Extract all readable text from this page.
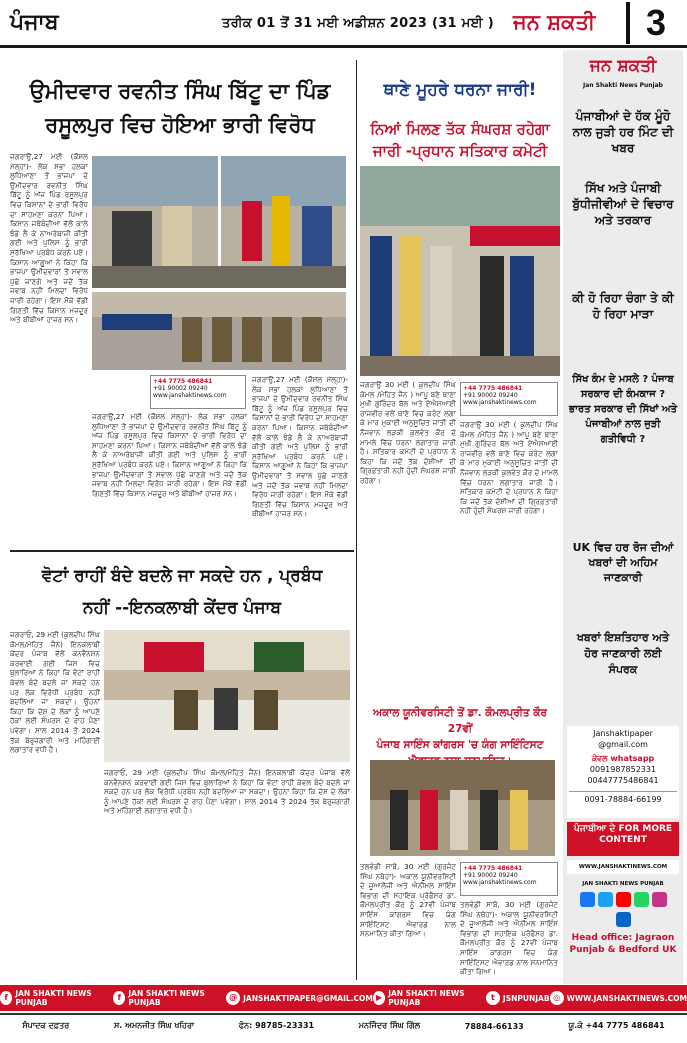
ਪੰਜਾਬ	ਤਰੀਕ 01 ਤੋਂ 31 ਮਈ ਅਡੀਸ਼ਨ 2023 (31 ਮਈ ) ਜਨ ਸ਼ਕਤੀ	3
ਉਮੀਦਵਾਰ ਰਵਨੀਤ ਸਿੰਘ ਬਿੱਟੂ ਦਾ ਪਿੰਡ
ਰਸੂਲਪੁਰ ਵਿਚ ਹੋਇਆ ਭਾਰੀ ਵਿਰੋਧ
ਜਗਰਾਉਂ,27 ਮਈ (ਕੌਸ਼ਲ ਮੱਲ੍ਹਾ)- ਲੋਕ ਸਭਾ ਹਲਕਾ ਲੁਧਿਆਣਾ ਤੋਂ ਭਾਜਪਾ ਦੇ ਉਮੀਦਵਾਰ ਰਵਨੀਤ ਸਿੰਘ ਬਿੱਟੂ ਨੂੰ ਅੱਜ ਪਿੰਡ ਰਸੂਲਪੁਰ ਵਿਚ ਕਿਸਾਨਾਂ ਦੇ ਭਾਰੀ ਵਿਰੋਧ ਦਾ ਸਾਹਮਣਾ ਕਰਨਾ ਪਿਆ। ਕਿਸਾਨ ਜਥੇਬੰਦੀਆਂ ਵੱਲੋਂ ਕਾਲੇ ਝੰਡੇ ਲੈ ਕੇ ਨਾਅਰੇਬਾਜ਼ੀ ਕੀਤੀ ਗਈ ਅਤੇ ਪੁਲਿਸ ਨੂੰ ਭਾਰੀ ਸੁਰੱਖਿਆ ਪ੍ਰਬੰਧ ਕਰਨੇ ਪਏ। ਕਿਸਾਨ ਆਗੂਆਂ ਨੇ ਕਿਹਾ ਕਿ ਭਾਜਪਾ ਉਮੀਦਵਾਰਾਂ ਤੋਂ ਸਵਾਲ ਪੁੱਛੇ ਜਾਣਗੇ ਅਤੇ ਜਦੋਂ ਤੱਕ ਜਵਾਬ ਨਹੀਂ ਮਿਲਦਾ ਵਿਰੋਧ ਜਾਰੀ ਰਹੇਗਾ। ਇਸ ਮੌਕੇ ਵੱਡੀ ਗਿਣਤੀ ਵਿੱਚ ਕਿਸਾਨ ਮਜ਼ਦੂਰ ਅਤੇ ਬੀਬੀਆਂ ਹਾਜ਼ਰ ਸਨ।
+44 7775 486841
+91 90002 09240
www.janshaktinews.com
ਜਗਰਾਉਂ,27 ਮਈ (ਕੌਸ਼ਲ ਮੱਲ੍ਹਾ)- ਲੋਕ ਸਭਾ ਹਲਕਾ ਲੁਧਿਆਣਾ ਤੋਂ ਭਾਜਪਾ ਦੇ ਉਮੀਦਵਾਰ ਰਵਨੀਤ ਸਿੰਘ ਬਿੱਟੂ ਨੂੰ ਅੱਜ ਪਿੰਡ ਰਸੂਲਪੁਰ ਵਿਚ ਕਿਸਾਨਾਂ ਦੇ ਭਾਰੀ ਵਿਰੋਧ ਦਾ ਸਾਹਮਣਾ ਕਰਨਾ ਪਿਆ। ਕਿਸਾਨ ਜਥੇਬੰਦੀਆਂ ਵੱਲੋਂ ਕਾਲੇ ਝੰਡੇ ਲੈ ਕੇ ਨਾਅਰੇਬਾਜ਼ੀ ਕੀਤੀ ਗਈ ਅਤੇ ਪੁਲਿਸ ਨੂੰ ਭਾਰੀ ਸੁਰੱਖਿਆ ਪ੍ਰਬੰਧ ਕਰਨੇ ਪਏ। ਕਿਸਾਨ ਆਗੂਆਂ ਨੇ ਕਿਹਾ ਕਿ ਭਾਜਪਾ ਉਮੀਦਵਾਰਾਂ ਤੋਂ ਸਵਾਲ ਪੁੱਛੇ ਜਾਣਗੇ ਅਤੇ ਜਦੋਂ ਤੱਕ ਜਵਾਬ ਨਹੀਂ ਮਿਲਦਾ ਵਿਰੋਧ ਜਾਰੀ ਰਹੇਗਾ। ਇਸ ਮੌਕੇ ਵੱਡੀ ਗਿਣਤੀ ਵਿੱਚ ਕਿਸਾਨ ਮਜ਼ਦੂਰ ਅਤੇ ਬੀਬੀਆਂ ਹਾਜ਼ਰ ਸਨ।
ਜਗਰਾਉਂ,27 ਮਈ (ਕੌਸ਼ਲ ਮੱਲ੍ਹਾ)- ਲੋਕ ਸਭਾ ਹਲਕਾ ਲੁਧਿਆਣਾ ਤੋਂ ਭਾਜਪਾ ਦੇ ਉਮੀਦਵਾਰ ਰਵਨੀਤ ਸਿੰਘ ਬਿੱਟੂ ਨੂੰ ਅੱਜ ਪਿੰਡ ਰਸੂਲਪੁਰ ਵਿਚ ਕਿਸਾਨਾਂ ਦੇ ਭਾਰੀ ਵਿਰੋਧ ਦਾ ਸਾਹਮਣਾ ਕਰਨਾ ਪਿਆ। ਕਿਸਾਨ ਜਥੇਬੰਦੀਆਂ ਵੱਲੋਂ ਕਾਲੇ ਝੰਡੇ ਲੈ ਕੇ ਨਾਅਰੇਬਾਜ਼ੀ ਕੀਤੀ ਗਈ ਅਤੇ ਪੁਲਿਸ ਨੂੰ ਭਾਰੀ ਸੁਰੱਖਿਆ ਪ੍ਰਬੰਧ ਕਰਨੇ ਪਏ। ਕਿਸਾਨ ਆਗੂਆਂ ਨੇ ਕਿਹਾ ਕਿ ਭਾਜਪਾ ਉਮੀਦਵਾਰਾਂ ਤੋਂ ਸਵਾਲ ਪੁੱਛੇ ਜਾਣਗੇ ਅਤੇ ਜਦੋਂ ਤੱਕ ਜਵਾਬ ਨਹੀਂ ਮਿਲਦਾ ਵਿਰੋਧ ਜਾਰੀ ਰਹੇਗਾ। ਇਸ ਮੌਕੇ ਵੱਡੀ ਗਿਣਤੀ ਵਿੱਚ ਕਿਸਾਨ ਮਜ਼ਦੂਰ ਅਤੇ ਬੀਬੀਆਂ ਹਾਜ਼ਰ ਸਨ।
ਵੋਟਾਂ ਰਾਹੀਂ ਬੰਦੇ ਬਦਲੇ ਜਾ ਸਕਦੇ ਹਨ , ਪ੍ਰਬੰਧ
ਨਹੀਂ --ਇਨਕਲਾਬੀ ਕੇਂਦਰ ਪੰਜਾਬ
ਜਗਰਾਓਂ, 29 ਮਈ (ਕੁਲਦੀਪ ਸਿੰਘ ਕੋਮਲ/ਮੋਹਿਤ ਜੈਨ) ਇਨਕਲਾਬੀ ਕੇਂਦਰ ਪੰਜਾਬ ਵੱਲੋਂ ਕਨਵੈਨਸ਼ਨ ਕਰਵਾਈ ਗਈ ਜਿਸ ਵਿਚ ਬੁਲਾਰਿਆਂ ਨੇ ਕਿਹਾ ਕਿ ਵੋਟਾਂ ਰਾਹੀਂ ਕੇਵਲ ਬੰਦੇ ਬਦਲੇ ਜਾ ਸਕਦੇ ਹਨ ਪਰ ਲੋਕ ਵਿਰੋਧੀ ਪ੍ਰਬੰਧ ਨਹੀਂ ਬਦਲਿਆ ਜਾ ਸਕਦਾ। ਉਹਨਾਂ ਕਿਹਾ ਕਿ ਦੇਸ਼ ਦੇ ਲੋਕਾਂ ਨੂੰ ਆਪਣੇ ਹੱਕਾਂ ਲਈ ਸੰਘਰਸ਼ ਦੇ ਰਾਹ ਪੈਣਾ ਪਵੇਗਾ। ਸਾਲ 2014 ਤੋਂ 2024 ਤੱਕ ਬੇਰੁਜ਼ਗਾਰੀ ਅਤੇ ਮਹਿੰਗਾਈ ਲਗਾਤਾਰ ਵਧੀ ਹੈ।
ਜਗਰਾਓਂ, 29 ਮਈ (ਕੁਲਦੀਪ ਸਿੰਘ ਕੋਮਲ/ਮੋਹਿਤ ਜੈਨ) ਇਨਕਲਾਬੀ ਕੇਂਦਰ ਪੰਜਾਬ ਵੱਲੋਂ ਕਨਵੈਨਸ਼ਨ ਕਰਵਾਈ ਗਈ ਜਿਸ ਵਿਚ ਬੁਲਾਰਿਆਂ ਨੇ ਕਿਹਾ ਕਿ ਵੋਟਾਂ ਰਾਹੀਂ ਕੇਵਲ ਬੰਦੇ ਬਦਲੇ ਜਾ ਸਕਦੇ ਹਨ ਪਰ ਲੋਕ ਵਿਰੋਧੀ ਪ੍ਰਬੰਧ ਨਹੀਂ ਬਦਲਿਆ ਜਾ ਸਕਦਾ। ਉਹਨਾਂ ਕਿਹਾ ਕਿ ਦੇਸ਼ ਦੇ ਲੋਕਾਂ ਨੂੰ ਆਪਣੇ ਹੱਕਾਂ ਲਈ ਸੰਘਰਸ਼ ਦੇ ਰਾਹ ਪੈਣਾ ਪਵੇਗਾ। ਸਾਲ 2014 ਤੋਂ 2024 ਤੱਕ ਬੇਰੁਜ਼ਗਾਰੀ ਅਤੇ ਮਹਿੰਗਾਈ ਲਗਾਤਾਰ ਵਧੀ ਹੈ।
ਥਾਣੇ ਮੂਹਰੇ ਧਰਨਾ ਜਾਰੀ!
ਨਿਆਂ ਮਿਲਣ ਤੱਕ ਸੰਘਰਸ਼ ਰਹੇਗਾ
ਜਾਰੀ -ਪ੍ਰਧਾਨ ਸਤਿਕਾਰ ਕਮੇਟੀ
ਜਗਰਾਉਂ 30 ਮਈ ( ਕੁਲਦੀਪ ਸਿੰਘ ਕੋਮਲ /ਮੋਹਿਤ ਜੈਨ ) ਆਪੂ ਬਣੇ ਥਾਣਾ ਮੁਖੀ ਗੁਰਿੰਦਰ ਬੱਲ ਅਤੇ ਏਐਸਆਈ ਰਾਜਵੀਰ ਵਲੋਂ ਥਾਣੇ ਵਿਚ ਕਰੰਟ ਲਗਾ ਕੇ ਮਾਰ ਮੁਕਾਈ ਅਨੁਸੂਚਿਤ ਜਾਤੀ ਦੀ ਨੌਜਵਾਨ ਲੜਕੀ ਕੁਲਵੰਤ ਕੌਰ ਦੇ ਮਾਮਲੇ ਵਿੱਚ ਧਰਨਾ ਲਗਾਤਾਰ ਜਾਰੀ ਹੈ। ਸਤਿਕਾਰ ਕਮੇਟੀ ਦੇ ਪ੍ਰਧਾਨ ਨੇ ਕਿਹਾ ਕਿ ਜਦੋਂ ਤੱਕ ਦੋਸ਼ੀਆਂ ਦੀ ਗ੍ਰਿਫ਼ਤਾਰੀ ਨਹੀਂ ਹੁੰਦੀ ਸੰਘਰਸ਼ ਜਾਰੀ ਰਹੇਗਾ।
+44 7775 486841
+91 90002 09240
www.janshaktinews.com
ਜਗਰਾਉਂ 30 ਮਈ ( ਕੁਲਦੀਪ ਸਿੰਘ ਕੋਮਲ /ਮੋਹਿਤ ਜੈਨ ) ਆਪੂ ਬਣੇ ਥਾਣਾ ਮੁਖੀ ਗੁਰਿੰਦਰ ਬੱਲ ਅਤੇ ਏਐਸਆਈ ਰਾਜਵੀਰ ਵਲੋਂ ਥਾਣੇ ਵਿਚ ਕਰੰਟ ਲਗਾ ਕੇ ਮਾਰ ਮੁਕਾਈ ਅਨੁਸੂਚਿਤ ਜਾਤੀ ਦੀ ਨੌਜਵਾਨ ਲੜਕੀ ਕੁਲਵੰਤ ਕੌਰ ਦੇ ਮਾਮਲੇ ਵਿੱਚ ਧਰਨਾ ਲਗਾਤਾਰ ਜਾਰੀ ਹੈ। ਸਤਿਕਾਰ ਕਮੇਟੀ ਦੇ ਪ੍ਰਧਾਨ ਨੇ ਕਿਹਾ ਕਿ ਜਦੋਂ ਤੱਕ ਦੋਸ਼ੀਆਂ ਦੀ ਗ੍ਰਿਫ਼ਤਾਰੀ ਨਹੀਂ ਹੁੰਦੀ ਸੰਘਰਸ਼ ਜਾਰੀ ਰਹੇਗਾ।
ਅਕਾਲ ਯੂਨੀਵਰਸਿਟੀ ਤੋਂ ਡਾ. ਕੌਮਲਪ੍ਰੀਤ ਕੌਰ 27ਵੀਂ
ਪੰਜਾਬ ਸਾਇੰਸ ਕਾਂਗਰਸ 'ਚ ਯੰਗ ਸਾਇੰਟਿਸਟ
ਤਲਵੰਡੀ ਸਾਬੋ, 30 ਮਈ (ਗੁਰਜੰਟ ਸਿੰਘ ਨਥੇਹਾ)- ਅਕਾਲ ਯੂਨੀਵਰਸਿਟੀ ਦੇ ਜ਼ੂਆਲੋਜੀ ਅਤੇ ਐਨੀਮਲ ਸਾਇੰਸ ਵਿਭਾਗ ਦੀ ਸਹਾਇਕ ਪ੍ਰੋਫੈਸਰ ਡਾ. ਕੌਮਲਪ੍ਰੀਤ ਕੌਰ ਨੂੰ 27ਵੀਂ ਪੰਜਾਬ ਸਾਇੰਸ ਕਾਂਗਰਸ ਵਿਚ ਯੰਗ ਸਾਇੰਟਿਸਟ ਐਵਾਰਡ ਨਾਲ ਸਨਮਾਨਿਤ ਕੀਤਾ ਗਿਆ।
+44 7775 486841
+91 90002 09240
www.janshaktinews.com
ਤਲਵੰਡੀ ਸਾਬੋ, 30 ਮਈ (ਗੁਰਜੰਟ ਸਿੰਘ ਨਥੇਹਾ)- ਅਕਾਲ ਯੂਨੀਵਰਸਿਟੀ ਦੇ ਜ਼ੂਆਲੋਜੀ ਅਤੇ ਐਨੀਮਲ ਸਾਇੰਸ ਵਿਭਾਗ ਦੀ ਸਹਾਇਕ ਪ੍ਰੋਫੈਸਰ ਡਾ. ਕੌਮਲਪ੍ਰੀਤ ਕੌਰ ਨੂੰ 27ਵੀਂ ਪੰਜਾਬ ਸਾਇੰਸ ਕਾਂਗਰਸ ਵਿਚ ਯੰਗ ਸਾਇੰਟਿਸਟ ਐਵਾਰਡ ਨਾਲ ਸਨਮਾਨਿਤ ਕੀਤਾ ਗਿਆ।
ਜਨ ਸ਼ਕਤੀ
Jan Shakti News Punjab
ਪੰਜਾਬੀਆਂ ਦੇ ਹੱਕ ਮੂੰਹੋ ਨਾਲ ਜੁੜੀ ਹਰ ਮਿੰਟ ਦੀ ਖਬਰ
ਸਿੱਖ ਅਤੇ ਪੰਜਾਬੀ ਬੁੱਧੀਜੀਵੀਆਂ ਦੇ ਵਿਚਾਰ ਅਤੇ ਤਰਕਾਰ
ਕੀ ਹੋ ਰਿਹਾ ਚੰਗਾ ਤੇ ਕੀ ਹੋ ਰਿਹਾ ਮਾੜਾ
ਸਿੱਖ ਕੰਮ ਦੇ ਮਸਲੇ ? ਪੰਜਾਬ ਸਰਕਾਰ ਦੀ ਕੰਮਕਾਜ ? ਭਾਰਤ ਸਰਕਾਰ ਦੀ ਸਿੱਖਾਂ ਅਤੇ ਪੰਜਾਬੀਆਂ ਨਾਲ ਜੁੜੀ ਗਤੀਵਿਧੀ ?
UK ਵਿਚ ਹਰ ਰੋਜ ਦੀਆਂ ਖਬਰਾਂ ਦੀ ਅਹਿਮ ਜਾਣਕਾਰੀ
ਖਬਰਾਂ ਇਸ਼ਤਿਹਾਰ ਅਤੇ ਹੋਰ ਜਾਣਕਾਰੀ ਲਈ ਸੰਪਰਕ
Janshaktipaper @gmail.com
ਕੇਵਲ whatsapp
0091987852331
00447775486841
0091-78884-66199
ਪੰਜਾਬੀਆ ਦੇ FOR MORE CONTENT
WWW.JANSHAKTINEWS.COM
JAN SHAKTI NEWS PUNJAB
Head office: Jagraon Punjab & Bedford UK
f JAN SHAKTI NEWS PUNJAB
f JAN SHAKTI NEWS PUNJAB
@ JANSHAKTIPAPER@GMAIL.COM ▶ JAN SHAKTI NEWS PUNJAB
t	JSNPUNJAB ◎ WWW.JANSHAKTINEWS.COM
ਸੰਪਾਦਕ ਦਫ਼ਤਰ	ਸ. ਅਮਨਜੀਤ ਸਿੰਘ ਖਹਿਰਾ	ਫੋਨ: 98785-23331	ਮਨਜਿੰਦਰ ਸਿੰਘ ਗਿੱਲ	78884-66133	ਯੂ.ਕੇ +44 7775 486841
